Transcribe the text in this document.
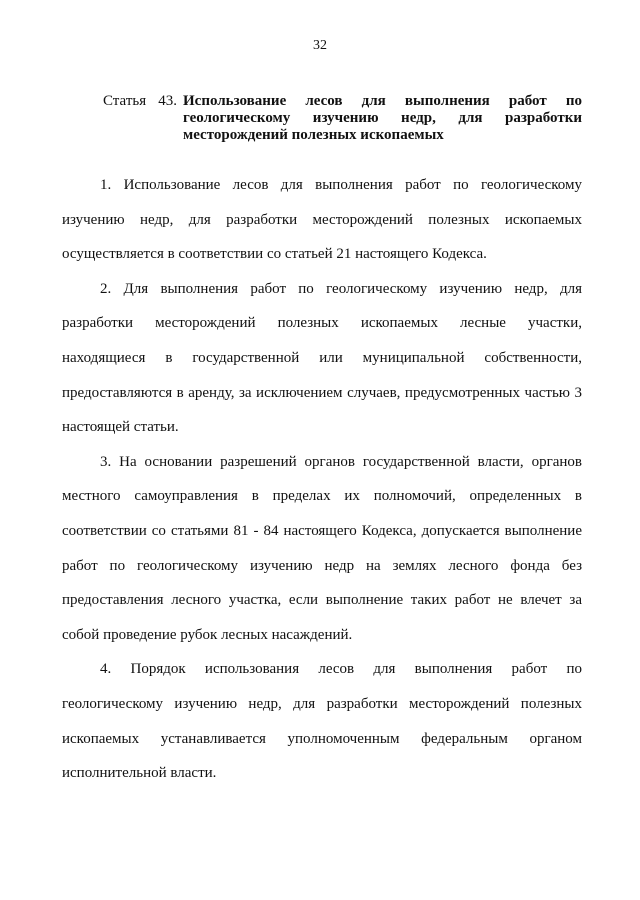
32
Статья 43. Использование лесов для выполнения работ по
геологическому изучению недр, для разработки
месторождений полезных ископаемых

1. Использование лесов для выполнения работ по геологическому
изучению недр, для разработки месторождений полезных ископаемых
осуществляется в соответствии со статьей 21 настоящего Кодекса.

2. Для выполнения работ по геологическому изучению недр, для
разработки месторождений полезных ископаемых лесные участки,
находящиеся в государственной или муниципальной собственности,
предоставляются в аренду, за исключением случаев, предусмотренных частью 3
настоящей статьи.

3. На основании разрешений органов государственной власти, органов
местного самоуправления в пределах их полномочий, определенных в
соответствии со статьями 81 - 84 настоящего Кодекса, допускается выполнение
работ по геологическому изучению недр на землях лесного фонда без
предоставления лесного участка, если выполнение таких работ не влечет за
собой проведение рубок лесных насаждений.

4. Порядок использования лесов для выполнения работ по
геологическому изучению недр, для разработки месторождений полезных
ископаемых устанавливается уполномоченным федеральным органом
исполнительной власти.
